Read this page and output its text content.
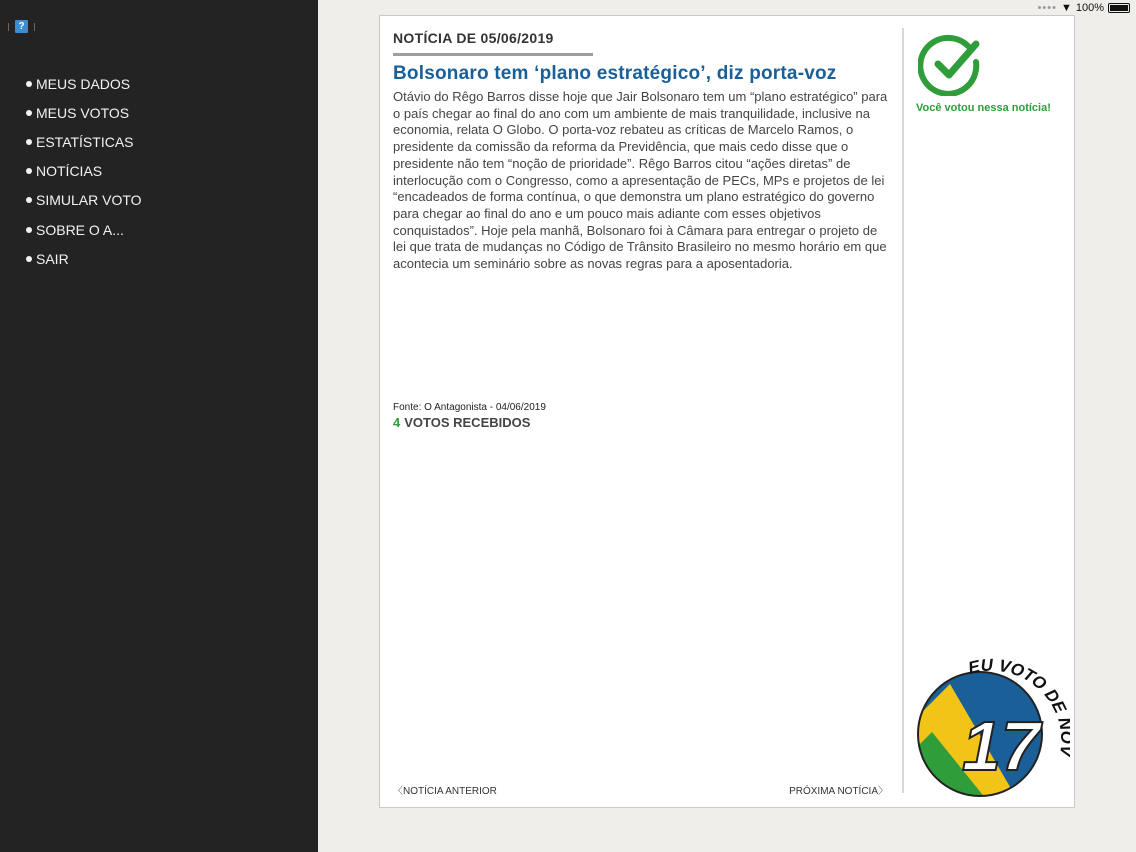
•••• ▼ 100%
?
MEUS DADOS
MEUS VOTOS
ESTATÍSTICAS
NOTÍCIAS
SIMULAR VOTO
SOBRE O A...
SAIR
NOTÍCIA DE 05/06/2019
Bolsonaro tem ‘plano estratégico’, diz porta-voz
Otávio do Rêgo Barros disse hoje que Jair Bolsonaro tem um “plano estratégico” para o país chegar ao final do ano com um ambiente de mais tranquilidade, inclusive na economia, relata O Globo. O porta-voz rebateu as críticas de Marcelo Ramos, o presidente da comissão da reforma da Previdência, que mais cedo disse que o presidente não tem “noção de prioridade”. Rêgo Barros citou “ações diretas” de interlocução com o Congresso, como a apresentação de PECs, MPs e projetos de lei “encadeados de forma contínua, o que demonstra um plano estratégico do governo para chegar ao final do ano e um pouco mais adiante com esses objetivos conquistados”. Hoje pela manhã, Bolsonaro foi à Câmara para entregar o projeto de lei que trata de mudanças no Código de Trânsito Brasileiro no mesmo horário em que acontecia um seminário sobre as novas regras para a aposentadoria.
Fonte: O Antagonista - 04/06/2019
4 VOTOS RECEBIDOS
〈NOTÍCIA ANTERIOR	PRÓXIMA NOTÍCIA〉
Você votou nessa notícia!
17
EU VOTO DE
